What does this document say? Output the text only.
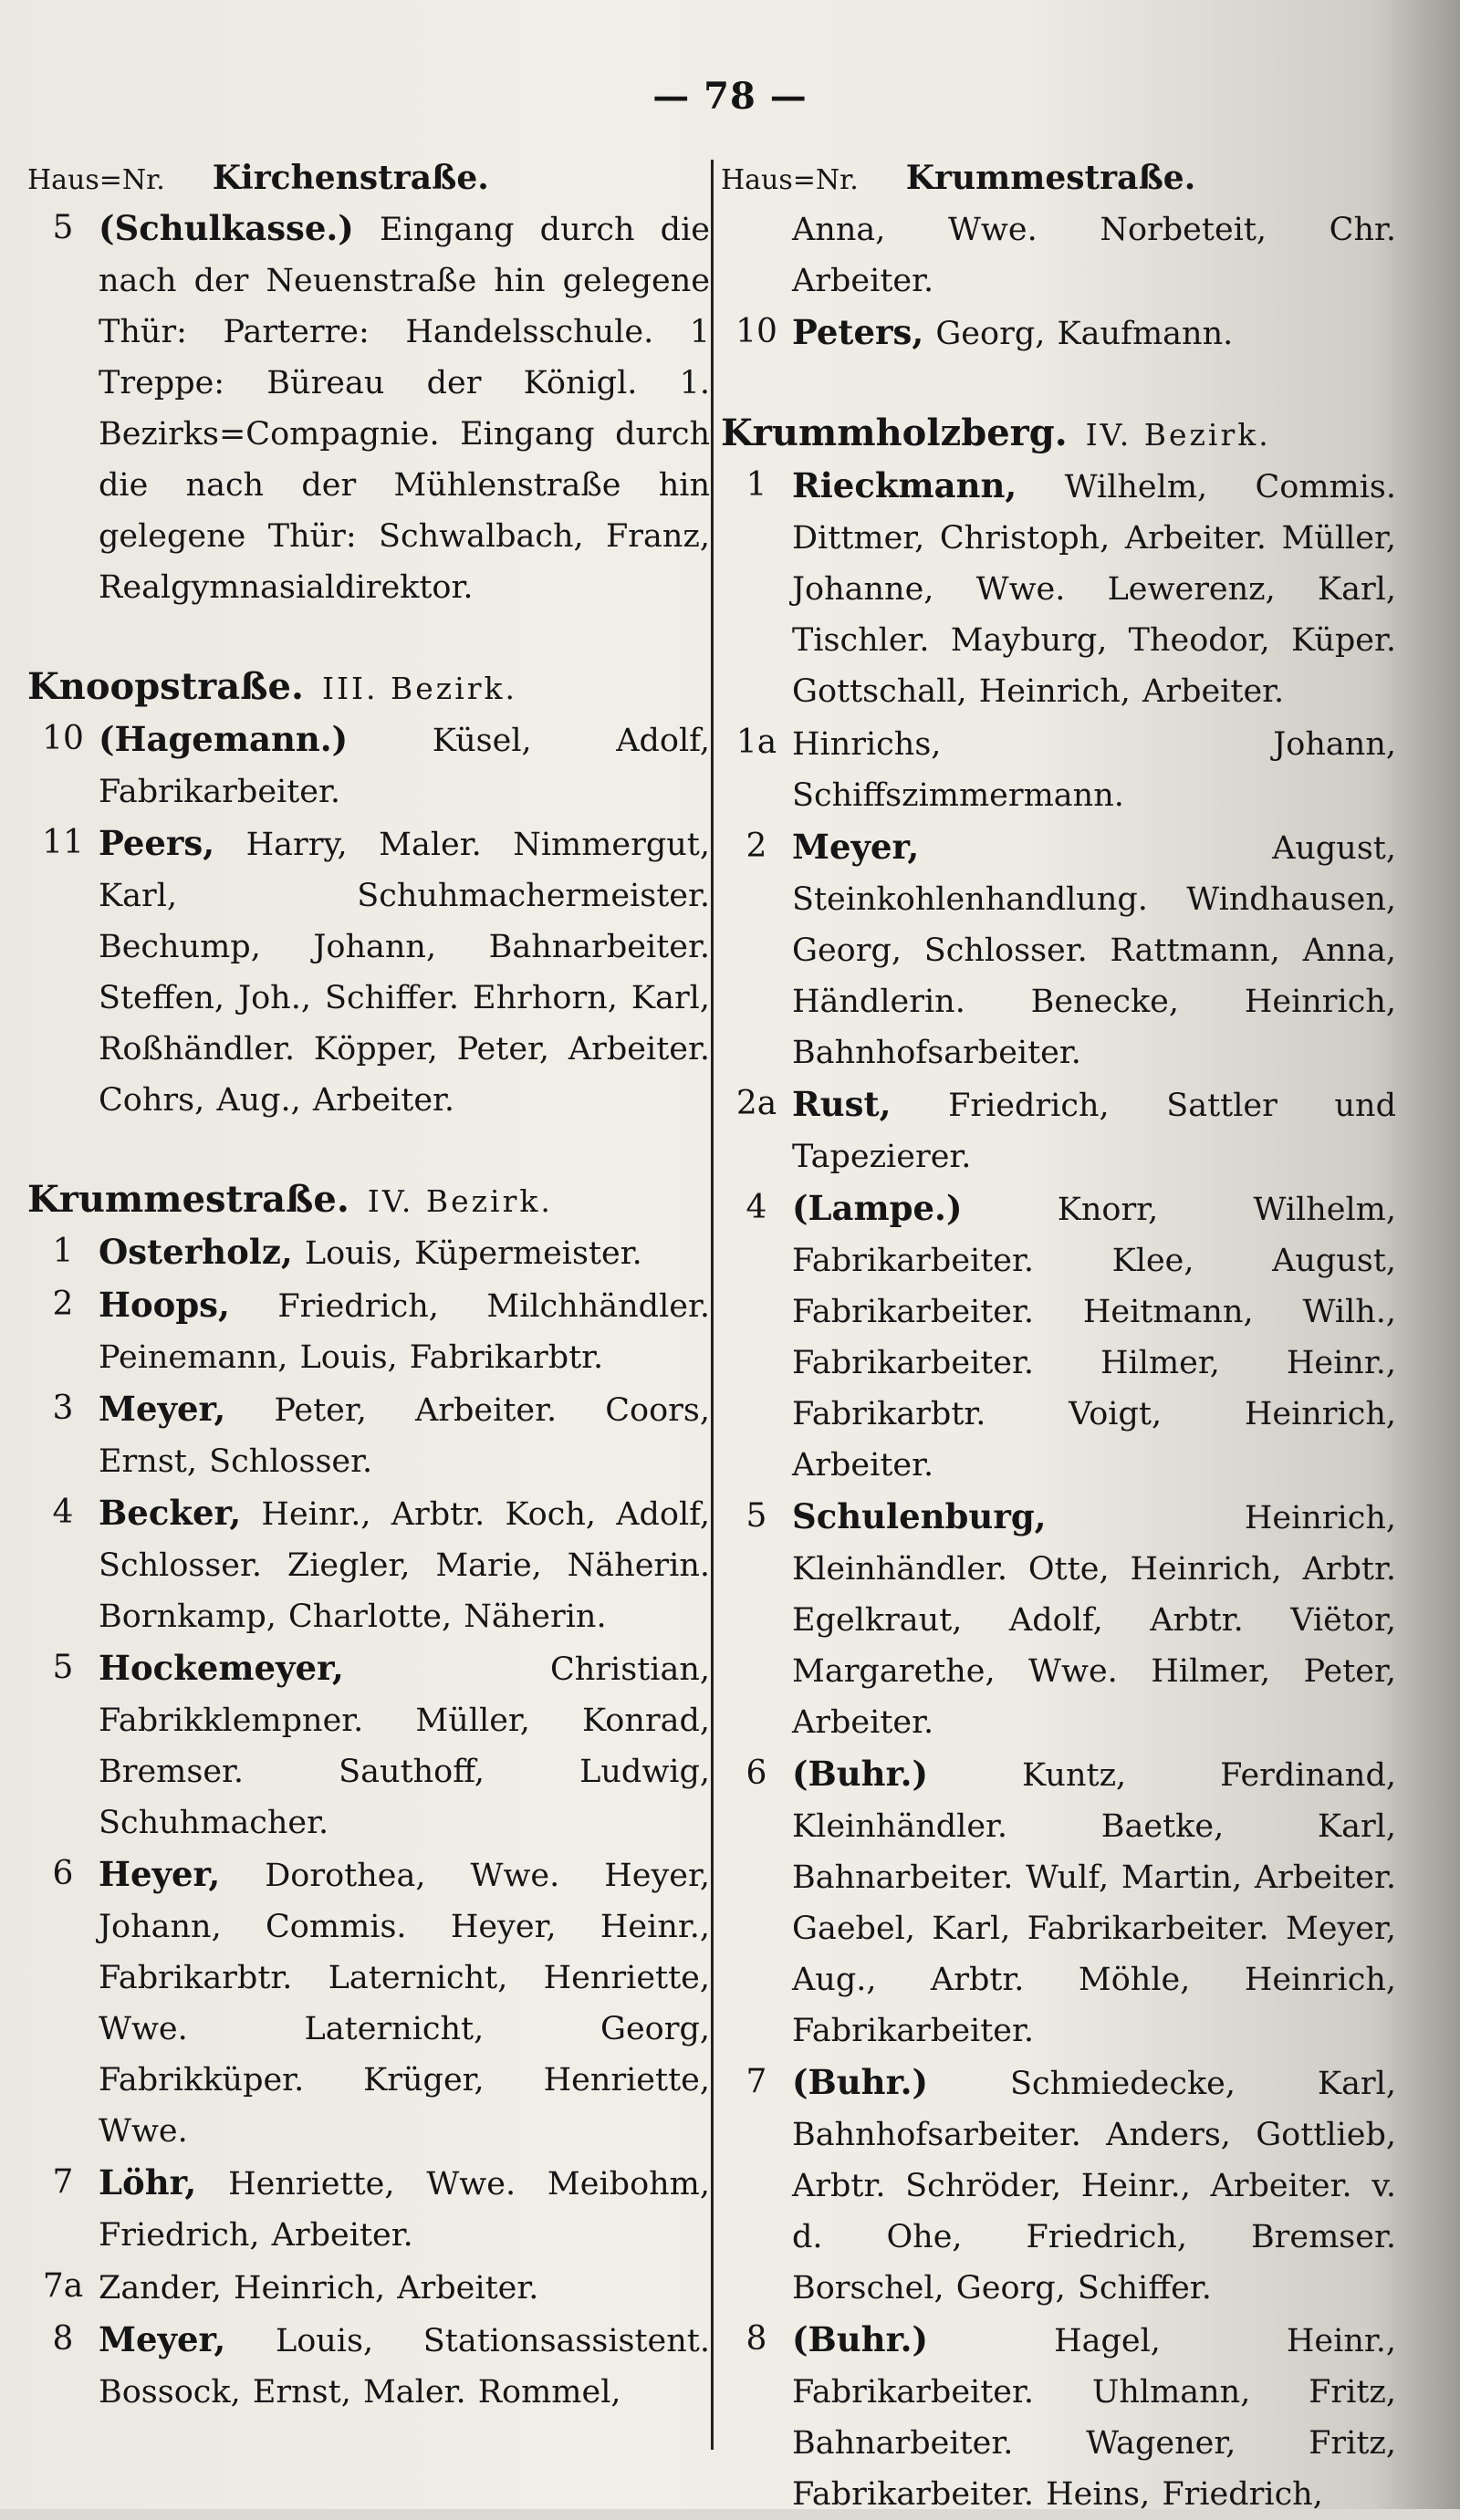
— 78 —
Haus=Nr. Kirchenstraße.
5 (Schulkasse.) Eingang durch die nach der Neuenstraße hin gelegene Thür: Parterre: Handelsschule. 1 Treppe: Büreau der Königl. 1. Bezirks=Compagnie. Eingang durch die nach der Mühlenstraße hin gelegene Thür: Schwalbach, Franz, Realgymnasialdirektor.
Knoopstraße. III. Bezirk.
10 (Hagemann.) Küsel, Adolf, Fabrikarbeiter.
11 Peers, Harry, Maler. Nimmergut, Karl, Schuhmachermeister. Bechump, Johann, Bahnarbeiter. Steffen, Joh., Schiffer. Ehrhorn, Karl, Roßhändler. Köpper, Peter, Arbeiter. Cohrs, Aug., Arbeiter.
Krummestraße. IV. Bezirk.
1 Osterholz, Louis, Küpermeister.
2 Hoops, Friedrich, Milchhändler. Peinemann, Louis, Fabrikarbtr.
3 Meyer, Peter, Arbeiter. Coors, Ernst, Schlosser.
4 Becker, Heinr., Arbtr. Koch, Adolf, Schlosser. Ziegler, Marie, Näherin. Bornkamp, Charlotte, Näherin.
5 Hockemeyer, Christian, Fabrikklempner. Müller, Konrad, Bremser. Sauthoff, Ludwig, Schuhmacher.
6 Heyer, Dorothea, Wwe. Heyer, Johann, Commis. Heyer, Heinr., Fabrikarbtr. Laternicht, Henriette, Wwe. Laternicht, Georg, Fabrikküper. Krüger, Henriette, Wwe.
7 Löhr, Henriette, Wwe. Meibohm, Friedrich, Arbeiter.
7a Zander, Heinrich, Arbeiter.
8 Meyer, Louis, Stationsassistent. Bossock, Ernst, Maler. Rommel,
Haus=Nr. Krummestraße.
Anna, Wwe. Norbeteit, Chr. Arbeiter.
10 Peters, Georg, Kaufmann.
Krummholzberg. IV. Bezirk.
1 Rieckmann, Wilhelm, Commis. Dittmer, Christoph, Arbeiter. Müller, Johanne, Wwe. Lewerenz, Karl, Tischler. Mayburg, Theodor, Küper. Gottschall, Heinrich, Arbeiter.
1a Hinrichs, Johann, Schiffszimmermann.
2 Meyer, August, Steinkohlenhandlung. Windhausen, Georg, Schlosser. Rattmann, Anna, Händlerin. Benecke, Heinrich, Bahnhofsarbeiter.
2a Rust, Friedrich, Sattler und Tapezierer.
4 (Lampe.) Knorr, Wilhelm, Fabrikarbeiter. Klee, August, Fabrikarbeiter. Heitmann, Wilh., Fabrikarbeiter. Hilmer, Heinr., Fabrikarbtr. Voigt, Heinrich, Arbeiter.
5 Schulenburg, Heinrich, Kleinhändler. Otte, Heinrich, Arbtr. Egelkraut, Adolf, Arbtr. Viëtor, Margarethe, Wwe. Hilmer, Peter, Arbeiter.
6 (Buhr.) Kuntz, Ferdinand, Kleinhändler. Baetke, Karl, Bahnarbeiter. Wulf, Martin, Arbeiter. Gaebel, Karl, Fabrikarbeiter. Meyer, Aug., Arbtr. Möhle, Heinrich, Fabrikarbeiter.
7 (Buhr.) Schmiedecke, Karl, Bahnhofsarbeiter. Anders, Gottlieb, Arbtr. Schröder, Heinr., Arbeiter. v. d. Ohe, Friedrich, Bremser. Borschel, Georg, Schiffer.
8 (Buhr.) Hagel, Heinr., Fabrikarbeiter. Uhlmann, Fritz, Bahnarbeiter. Wagener, Fritz, Fabrikarbeiter. Heins, Friedrich,
